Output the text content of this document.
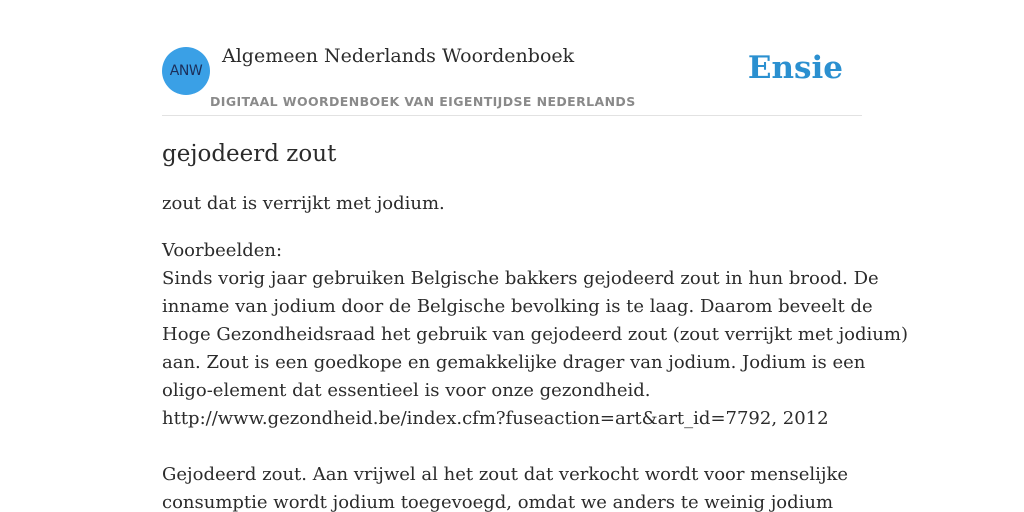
ANW
Algemeen Nederlands Woordenboek
DIGITAAL WOORDENBOEK VAN EIGENTIJDSE NEDERLANDS
Ensie
gejodeerd zout

zout dat is verrijkt met jodium.

Voorbeelden:

Sinds vorig jaar gebruiken Belgische bakkers gejodeerd zout in hun brood. De
inname van jodium door de Belgische bevolking is te laag. Daarom beveelt de
Hoge Gezondheidsraad het gebruik van gejodeerd zout (zout verrijkt met jodium)
aan. Zout is een goedkope en gemakkelijke drager van jodium. Jodium is een
oligo-element dat essentieel is voor onze gezondheid.
http://www.gezondheid.be/index.cfm?fuseaction=art&art_id=7792, 2012

Gejodeerd zout. Aan vrijwel al het zout dat verkocht wordt voor menselijke
consumptie wordt jodium toegevoegd, omdat we anders te weinig jodium
